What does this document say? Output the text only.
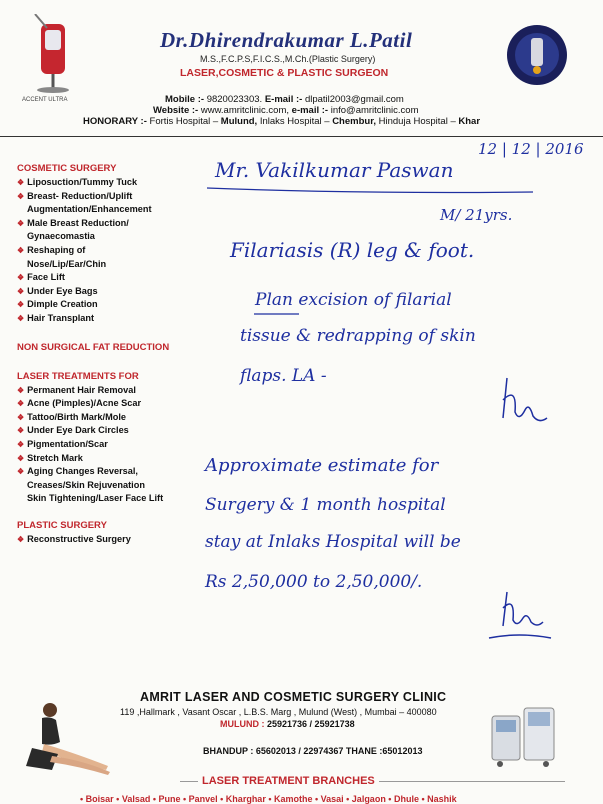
ACCENT ULTRA
Dr.Dhirendrakumar L.Patil
M.S.,F.C.P.S,F.I.C.S.,M.Ch.(Plastic Surgery)
LASER,COSMETIC & PLASTIC SURGEON
Mobile :- 9820023303. E-mail :- dlpatil2003@gmail.com
Website :- www.amritclinic.com, e-mail :- info@amritclinic.com
HONORARY :- Fortis Hospital – Mulund, Inlaks Hospital – Chembur, Hinduja Hospital – Khar
COSMETIC SURGERY
❖ Liposuction/Tummy Tuck
❖ Breast- Reduction/Uplift
Augmentation/Enhancement
❖ Male Breast Reduction/
Gynaecomastia
❖ Reshaping of
Nose/Lip/Ear/Chin
❖ Face Lift
❖ Under Eye Bags
❖ Dimple Creation
❖ Hair Transplant
NON SURGICAL FAT REDUCTION
LASER TREATMENTS FOR
❖ Permanent Hair Removal
❖ Acne (Pimples)/Acne Scar
❖ Tattoo/Birth Mark/Mole
❖ Under Eye Dark Circles
❖ Pigmentation/Scar
❖ Stretch Mark
❖ Aging Changes Reversal,
Creases/Skin Rejuvenation
Skin Tightening/Laser Face Lift
PLASTIC SURGERY
❖ Reconstructive Surgery
12 | 12 | 2016
Mr. Vakilkumar Paswan
M/ 21yrs.
Filariasis (R) leg & foot.
Plan excision of filarial
tissue & redrapping of skin
flaps. LA -
Approximate estimate for
Surgery & 1 month hospital
stay at Inlaks Hospital will be
Rs 2,50,000 to 2,50,000/.
AMRIT LASER AND COSMETIC SURGERY CLINIC
119 ,Hallmark , Vasant Oscar , L.B.S. Marg , Mulund (West) , Mumbai – 400080
MULUND : 25921736 / 25921738
BHANDUP : 65602013 / 22974367 THANE :65012013
LASER TREATMENT BRANCHES
• Boisar • Valsad • Pune • Panvel • Kharghar • Kamothe • Vasai • Jalgaon • Dhule • Nashik
